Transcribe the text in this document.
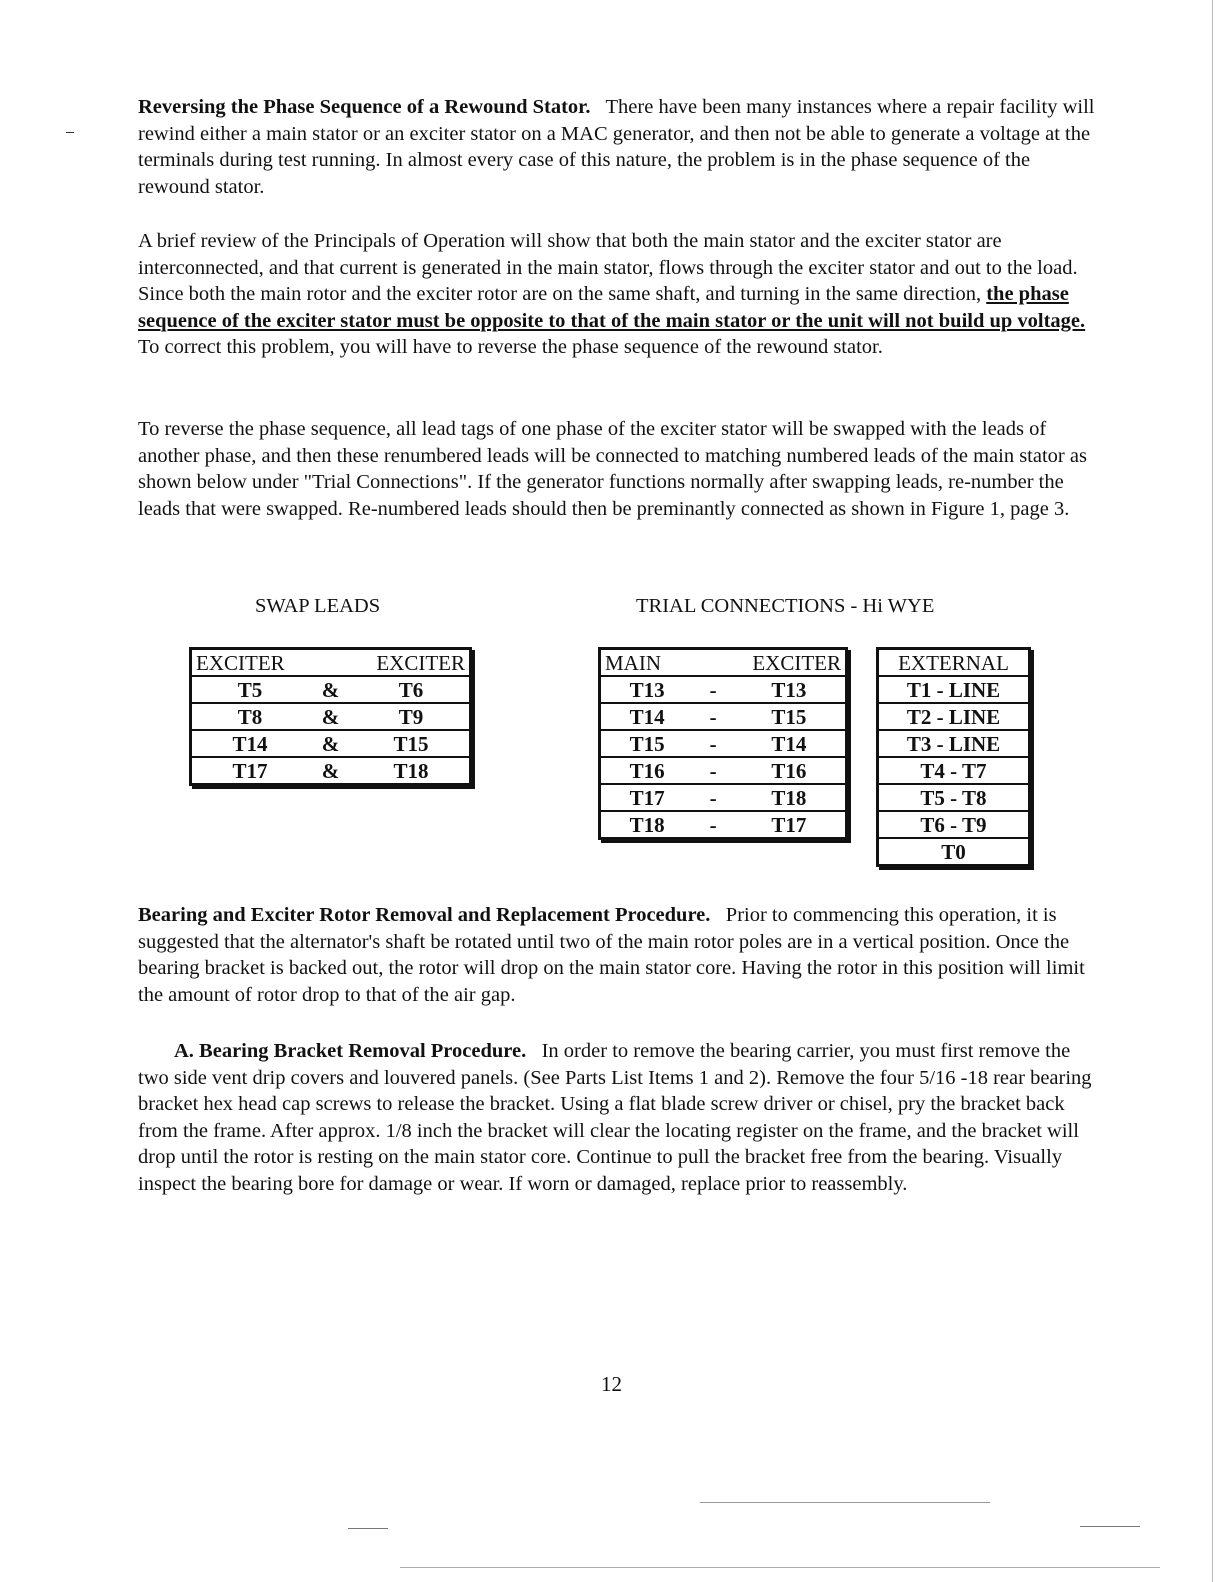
Reversing the Phase Sequence of a Rewound Stator. There have been many instances where a repair facility will rewind either a main stator or an exciter stator on a MAC generator, and then not be able to generate a voltage at the terminals during test running. In almost every case of this nature, the problem is in the phase sequence of the rewound stator.

A brief review of the Principals of Operation will show that both the main stator and the exciter stator are interconnected, and that current is generated in the main stator, flows through the exciter stator and out to the load. Since both the main rotor and the exciter rotor are on the same shaft, and turning in the same direction, the phase sequence of the exciter stator must be opposite to that of the main stator or the unit will not build up voltage. To correct this problem, you will have to reverse the phase sequence of the rewound stator.

To reverse the phase sequence, all lead tags of one phase of the exciter stator will be swapped with the leads of another phase, and then these renumbered leads will be connected to matching numbered leads of the main stator as shown below under "Trial Connections". If the generator functions normally after swapping leads, re-number the leads that were swapped. Re-numbered leads should then be preminantly connected as shown in Figure 1, page 3.

SWAP LEADS	TRIAL CONNECTIONS - Hi WYE
EXCITER		EXCITER
T5	&	T6
T8	&	T9
T14	&	T15
T17	&	T18
MAIN		EXCITER
T13	-	T13
T14	-	T15
T15	-	T14
T16	-	T16
T17	-	T18
T18	-	T17
EXTERNAL
T1 - LINE
T2 - LINE
T3 - LINE
T4 - T7
T5 - T8
T6 - T9
T0

Bearing and Exciter Rotor Removal and Replacement Procedure. Prior to commencing this operation, it is suggested that the alternator's shaft be rotated until two of the main rotor poles are in a vertical position. Once the bearing bracket is backed out, the rotor will drop on the main stator core. Having the rotor in this position will limit the amount of rotor drop to that of the air gap.

A. Bearing Bracket Removal Procedure. In order to remove the bearing carrier, you must first remove the two side vent drip covers and louvered panels. (See Parts List Items 1 and 2). Remove the four 5/16 -18 rear bearing bracket hex head cap screws to release the bracket. Using a flat blade screw driver or chisel, pry the bracket back from the frame. After approx. 1/8 inch the bracket will clear the locating register on the frame, and the bracket will drop until the rotor is resting on the main stator core. Continue to pull the bracket free from the bearing. Visually inspect the bearing bore for damage or wear. If worn or damaged, replace prior to reassembly.

12
